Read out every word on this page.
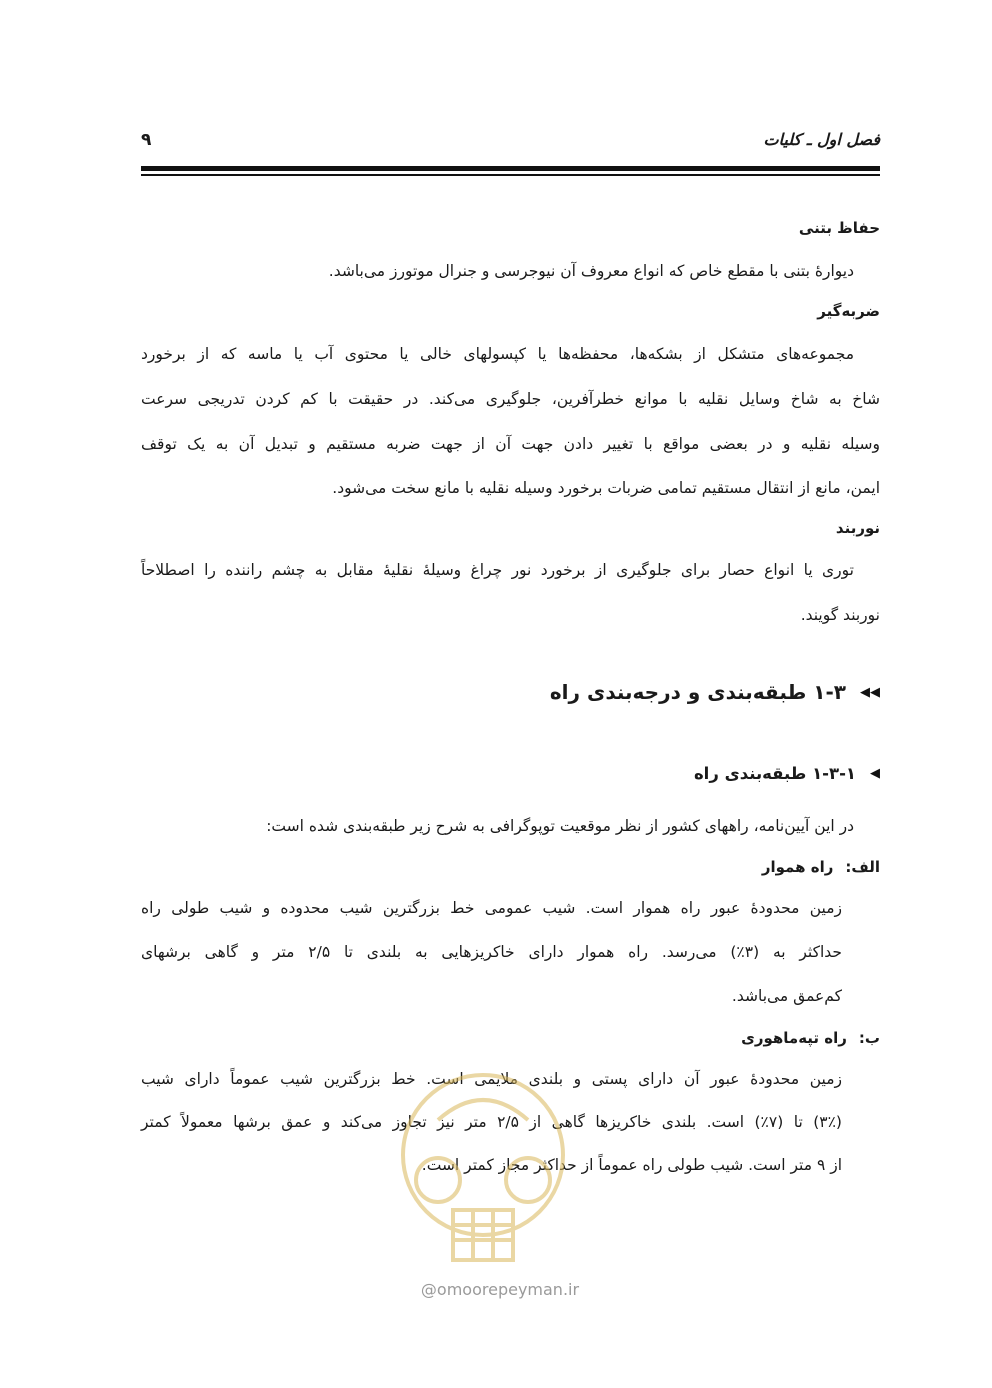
فصل اول ـ کلیات
۹
حفاظ بتنی
دیوارهٔ بتنی با مقطع خاص که انواع معروف آن نیوجرسی و جنرال موتورز می‌باشد.
ضربه‌گیر
مجموعه‌های متشکل از بشکه‌ها، محفظه‌ها یا کپسولهای خالی یا محتوی آب یا ماسه که از برخورد
شاخ به شاخ وسایل نقلیه با موانع خطرآفرین، جلوگیری می‌کند. در حقیقت با کم کردن تدریجی سرعت
وسیله نقلیه و در بعضی مواقع با تغییر دادن جهت آن از جهت ضربه مستقیم و تبدیل آن به یک توقف
ایمن، مانع از انتقال مستقیم تمامی ضربات برخورد وسیله نقلیه با مانع سخت می‌شود.
نوربند
توری یا انواع حصار برای جلوگیری از برخورد نور چراغ وسیلهٔ نقلیهٔ مقابل به چشم راننده را اصطلاحاً
نوربند گویند.
◀◀
۱-۳ طبقه‌بندی و درجه‌بندی راه
◀
۱-۳-۱ طبقه‌بندی راه
در این آیین‌نامه، راههای کشور از نظر موقعیت توپوگرافی به شرح زیر طبقه‌بندی شده است:
الف:
راه هموار
زمین محدودهٔ عبور راه هموار است. شیب عمومی خط بزرگترین شیب محدوده و شیب طولی راه
حداکثر به (۳٪) می‌رسد. راه هموار دارای خاکریزهایی به بلندی تا ۲/۵ متر و گاهی برشهای
کم‌عمق می‌باشد.
ب:
راه تپه‌ماهوری
زمین محدودهٔ عبور آن دارای پستی و بلندی ملایمی است. خط بزرگترین شیب عموماً دارای شیب
(۳٪) تا (۷٪) است. بلندی خاکریزها گاهی از ۲/۵ متر نیز تجاوز می‌کند و عمق برشها معمولاً کمتر
از ۹ متر است. شیب طولی راه عموماً از حداکثر مجاز کمتر است.
@omoorepeyman.ir
